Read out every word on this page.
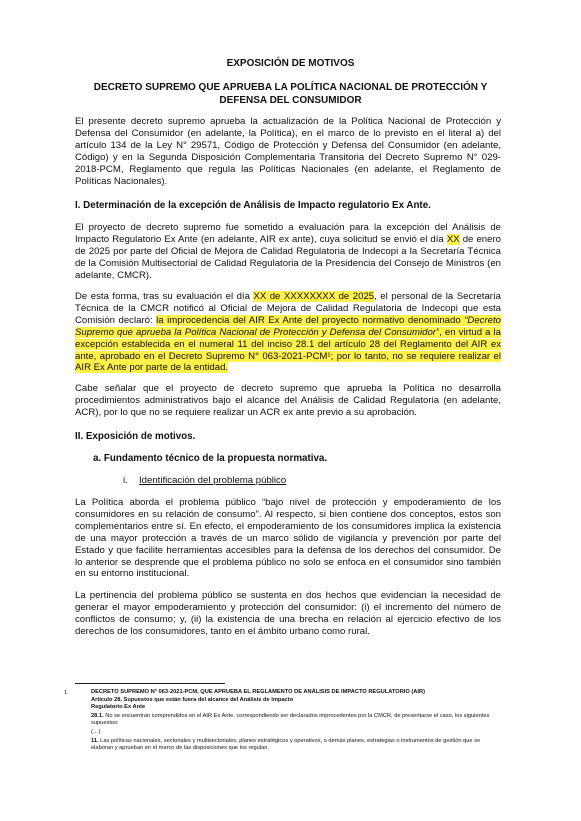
EXPOSICIÓN DE MOTIVOS
DECRETO SUPREMO QUE APRUEBA LA POLÍTICA NACIONAL DE PROTECCIÓN Y
DEFENSA DEL CONSUMIDOR

El presente decreto supremo aprueba la actualización de la Política Nacional de Protección y Defensa del Consumidor (en adelante, la Política), en el marco de lo previsto en el literal a) del artículo 134 de la Ley N° 29571, Código de Protección y Defensa del Consumidor (en adelante, Código) y en la Segunda Disposición Complementaria Transitoria del Decreto Supremo N° 029-2018-PCM, Reglamento que regula las Políticas Nacionales (en adelante, el Reglamento de Políticas Nacionales).

I. Determinación de la excepción de Análisis de Impacto regulatorio Ex Ante.

El proyecto de decreto supremo fue sometido a evaluación para la excepción del Análisis de Impacto Regulatorio Ex Ante (en adelante, AIR ex ante), cuya solicitud se envió el día XX de enero de 2025 por parte del Oficial de Mejora de Calidad Regulatoria de Indecopi a la Secretaría Técnica de la Comisión Multisectorial de Calidad Regulatoria de la Presidencia del Consejo de Ministros (en adelante, CMCR).

De esta forma, tras su evaluación el día XX de XXXXXXXX de 2025, el personal de la Secretaría Técnica de la CMCR notificó al Oficial de Mejora de Calidad Regulatoria de Indecopi que esta Comisión declaró: la improcedencia del AIR Ex Ante del proyecto normativo denominado “Decreto Supremo que aprueba la Política Nacional de Protección y Defensa del Consumidor”, en virtud a la excepción establecida en el numeral 11 del inciso 28.1 del artículo 28 del Reglamento del AIR ex ante, aprobado en el Decreto Supremo N° 063-2021-PCM¹; por lo tanto, no se requiere realizar el AIR Ex Ante por parte de la entidad.

Cabe señalar que el proyecto de decreto supremo que aprueba la Política no desarrolla procedimientos administrativos bajo el alcance del Análisis de Calidad Regulatoria (en adelante, ACR), por lo que no se requiere realizar un ACR ex ante previo a su aprobación.

II. Exposición de motivos.

a. Fundamento técnico de la propuesta normativa.

i. Identificación del problema público

La Política aborda el problema público “bajo nivel de protección y empoderamiento de los consumidores en su relación de consumo”. Al respecto, si bien contiene dos conceptos, estos son complementarios entre sí. En efecto, el empoderamiento de los consumidores implica la existencia de una mayor protección a través de un marco sólido de vigilancia y prevención por parte del Estado y que facilite herramientas accesibles para la defensa de los derechos del consumidor. De lo anterior se desprende que el problema público no solo se enfoca en el consumidor sino también en su entorno institucional.

La pertinencia del problema público se sustenta en dos hechos que evidencian la necesidad de generar el mayor empoderamiento y protección del consumidor: (i) el incremento del número de conflictos de consumo; y, (ii) la existencia de una brecha en relación al ejercicio efectivo de los derechos de los consumidores, tanto en el ámbito urbano como rural.

1	DECRETO SUPREMO N° 063-2021-PCM, QUE APRUEBA EL REGLAMENTO DE ANÁLISIS DE IMPACTO REGULATORIO (AIR)

Artículo 28. Supuestos que están fuera del alcance del Análisis de Impacto

Regulatorio Ex Ante

28.1. No se encuentran comprendidos en el AIR Ex Ante, correspondiendo ser declarados improcedentes por la CMCR, de presentarse el caso, los siguientes supuestos:

(…)

11. Las políticas nacionales, sectoriales y multisectoriales, planes estratégicos y operativos, o demás planes, estrategias o instrumentos de gestión que se elaboran y aprueban en el marco de las disposiciones que los regulan.
